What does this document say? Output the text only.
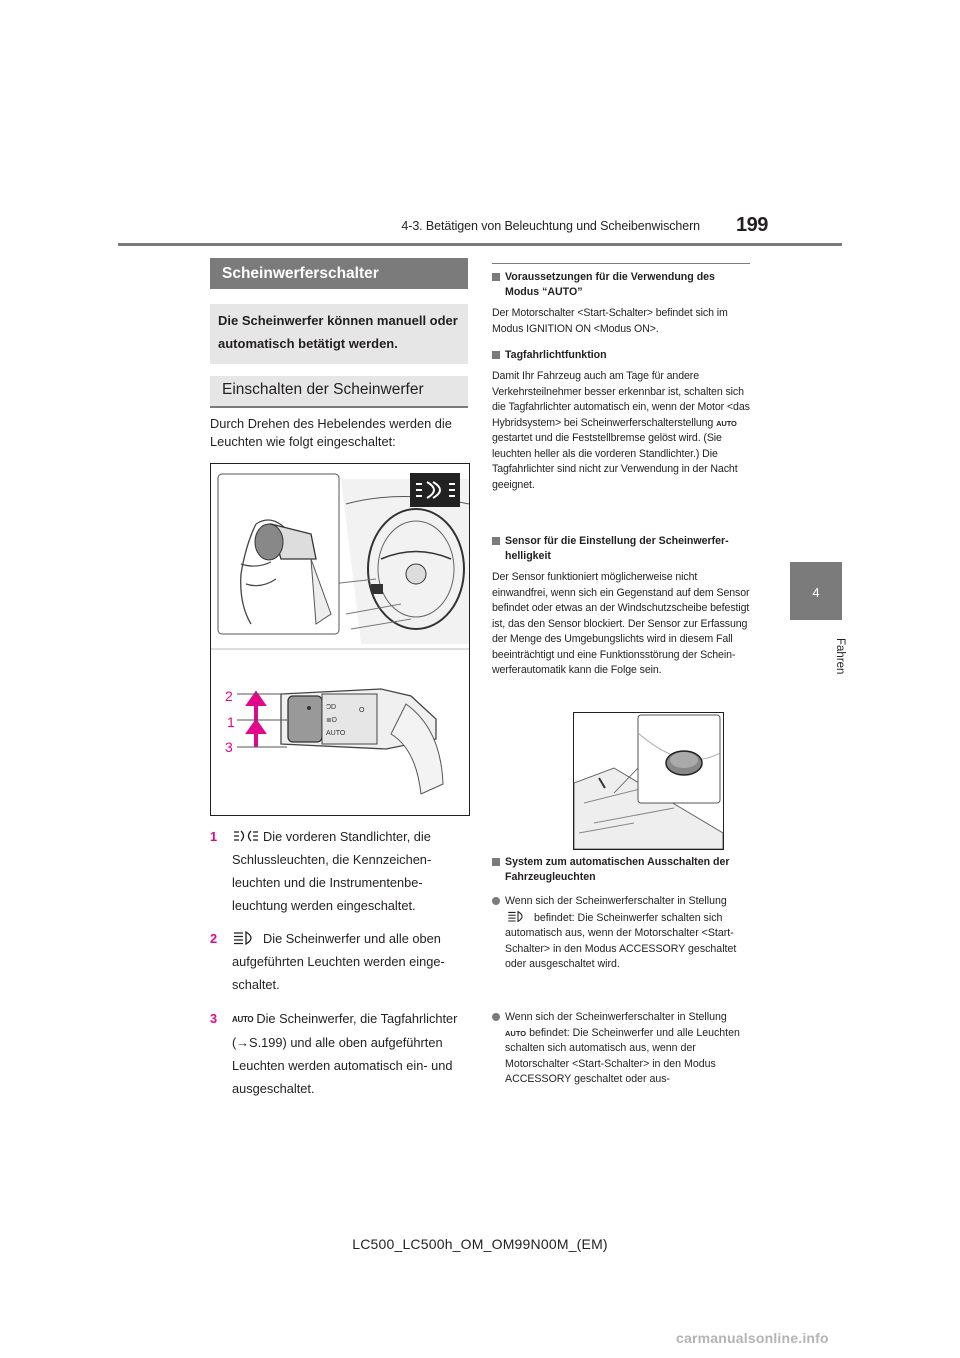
4-3. Betätigen von Beleuchtung und Scheibenwischern 199
4
Fahren
Scheinwerferschalter
Die Scheinwerfer können manuell oder automatisch betätigt werden.
Einschalten der Scheinwerfer
Durch Drehen des Hebelendes werden die Leuchten wie folgt eingeschaltet:
ƆD
≣D
AUTO
O
2
1
3
1	Die vorderen Standlichter, die Schlussleuchten, die Kennzeichenleuchten und die Instrumentenbeleuchtung werden eingeschaltet.
2	Die Scheinwerfer und alle oben aufgeführten Leuchten werden eingeschaltet.
3 AUTO Die Scheinwerfer, die Tagfahrlichter (→S.199) und alle oben aufgeführten Leuchten werden automatisch ein- und ausgeschaltet.
Voraussetzungen für die Verwendung des Modus “AUTO”
Der Motorschalter <Start-Schalter> befindet sich im Modus IGNITION ON <Modus ON>.
Tagfahrlichtfunktion
Damit Ihr Fahrzeug auch am Tage für andere Verkehrsteilnehmer besser erkennbar ist, schalten sich die Tagfahrlichter automatisch ein, wenn der Motor <das Hybridsystem> bei Scheinwerferschalterstellung AUTO gestartet und die Feststellbremse gelöst wird. (Sie leuchten heller als die vorderen Standlichter.) Die Tagfahrlichter sind nicht zur Verwendung in der Nacht geeignet.
Sensor für die Einstellung der Scheinwerferhelligkeit
Der Sensor funktioniert möglicherweise nicht einwandfrei, wenn sich ein Gegenstand auf dem Sensor befindet oder etwas an der Windschutzscheibe befestigt ist, das den Sensor blockiert. Der Sensor zur Erfassung der Menge des Umgebungslichts wird in diesem Fall beeinträchtigt und eine Funktionsstörung der Scheinwerferautomatik kann die Folge sein.
System zum automatischen Ausschalten der Fahrzeugleuchten
Wenn sich der Scheinwerferschalter in Stellung  befindet: Die Scheinwerfer schalten sich automatisch aus, wenn der Motorschalter <Start-Schalter> in den Modus ACCESSORY geschaltet oder ausgeschaltet wird.
Wenn sich der Scheinwerferschalter in Stellung AUTO befindet: Die Scheinwerfer und alle Leuchten schalten sich automatisch aus, wenn der Motorschalter <Start-Schalter> in den Modus ACCESSORY geschaltet oder aus-
LC500_LC500h_OM_OM99N00M_(EM)
carmanualsonline.info
